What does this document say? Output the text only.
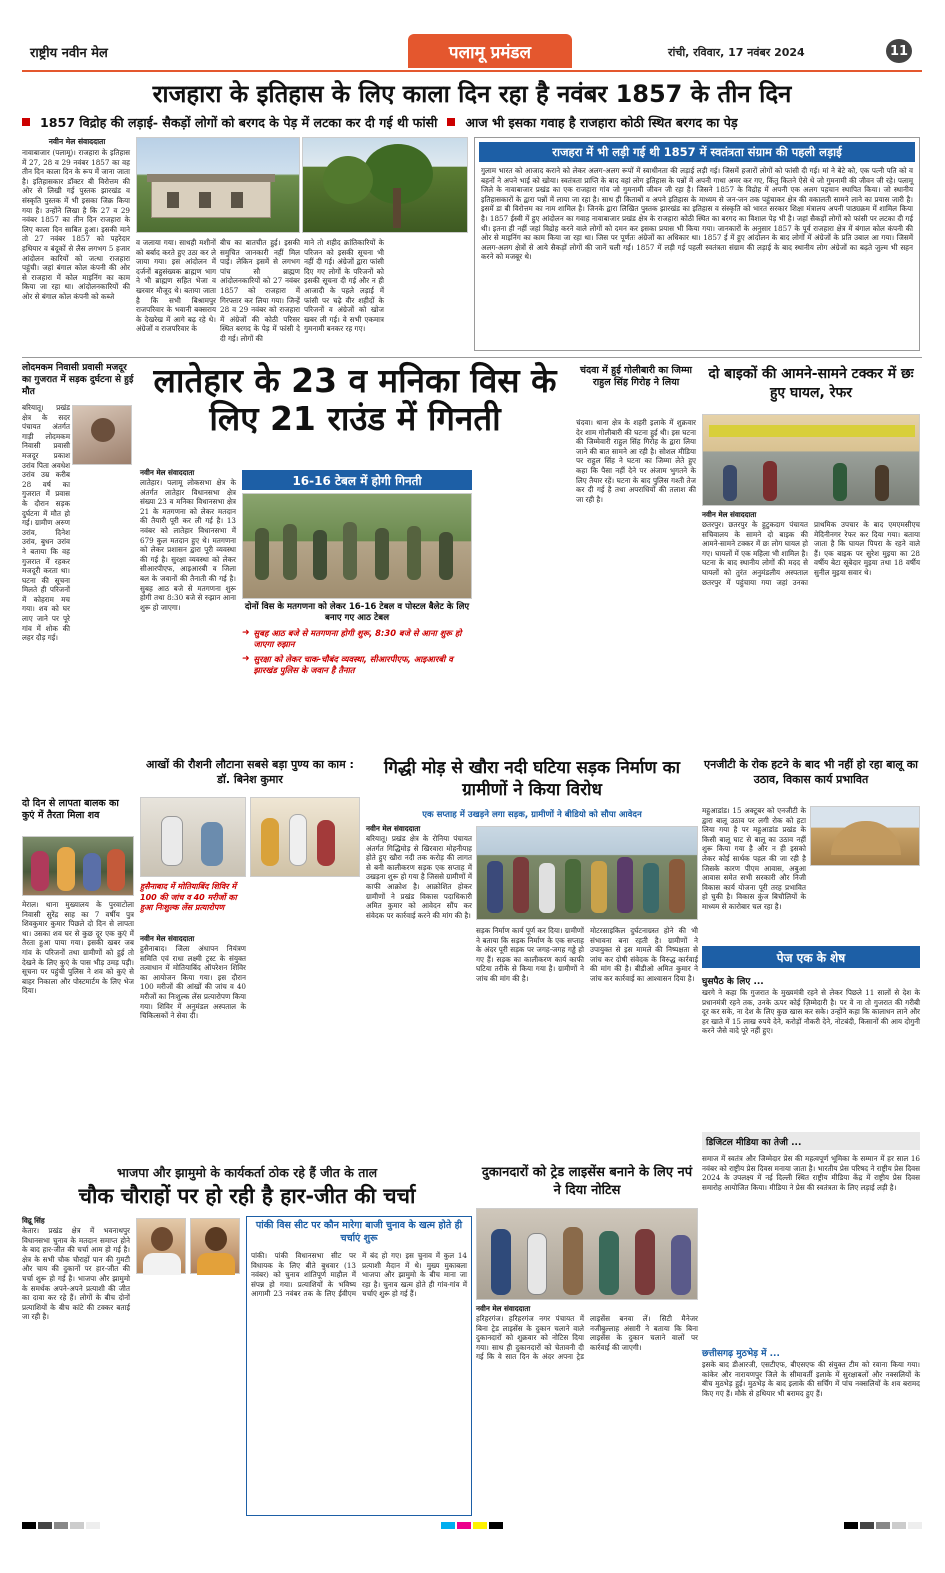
राष्ट्रीय नवीन मेल	पलामू प्रमंडल	रांची, रविवार, 17 नवंबर 2024	11
राजहारा के इतिहास के लिए काला दिन रहा है नवंबर 1857 के तीन दिन
1857 विद्रोह की लड़ाई- सैकड़ों लोगों को बरगद के पेड़ में लटका कर दी गई थी फांसी आज भी इसका गवाह है राजहारा कोठी स्थित बरगद का पेड़
नवीन मेल संवाददाता
नावाबाजार (पलामू)। राजहारा के इतिहास में 27, 28 व 29 नवंबर 1857 का वह तीन दिन काला दिन के रूप में जाना जाता है। इतिहासकार डॉक्टर बी विरोत्तम की ओर से लिखी गई पुस्तक झारखंड व संस्कृति पुस्तक में भी इसका जिक्र किया गया है। उन्होंने लिखा है कि 27 व 29 नवंबर 1857 का तीन दिन राजहारा के लिए काला दिन साबित हुआ। इसकी माने तो 27 नवंबर 1857 को पहरेदार हथियार व बंदूकों से लैस लगभग 5 हजार आंदोलन कारियों को जत्था राजहारा पहुंची। जहां बंगाल कोल कंपनी की ओर से राजहारा में कोल माइनिंग का काम किया जा रहा था। आंदोलनकारियों की ओर से बंगाल कोल कंपनी को कब्जे
व जलाया गया। साथही मशीनों को बर्बाद करते हुए उठा कर ले जाया गया। इस आंदोलन में दर्जनों बहुसंख्यक ब्राह्मण भाग ने भी ब्राह्मण सहित भेजा व खरवार मौजूद थे। बताया जाता है कि सभी बिश्रामपुर राजपरिवार के भवानी बक्सराय के देखरेख में आगे बढ़ रहे थे। अंग्रेजों व राजपरिवार के
बीच का बातचीत हुई। इसकी समुचित जानकारी नहीं मिल पाई। लेकिन इसमें से लगभग पांच सौ ब्राह्मण आंदोलनकारियों को 27 नवंबर 1857 को राजहारा में गिरफ्तार कर लिया गया। जिन्हें 28 व 29 नवंबर को राजहारा में अंग्रेजों की कोठी परिसर स्थित बरगद के पेड़ में फांसी दे दी गई। लोगों की
माने तो शहीद क्रांतिकारियों के परिजन को इसकी सूचना भी नहीं दी गई। अंग्रेजों द्वारा फांसी दिए गए लोगों के परिजनों को इसकी सूचना दी गई और न ही आजादी के पहले लड़ाई में फांसी पर चढ़े वीर शहीदों के परिजनों व अंग्रेजों को खोज खबर ली गई। वे सभी एकमात्र गुमनामी बनकर रह गए।
राजहरा में भी लड़ी गई थी 1857 में स्वतंत्रता संग्राम की पहली लड़ाई
गुलाम भारत को आजाद कराने को लेकर अलग-अलग रूपों में स्वाधीनता की लड़ाई लड़ी गई। जिसमें हजारों लोगों को फांसी दी गई। मां ने बेटे को, एक पत्नी पति को व बहनों ने अपने भाई को खोया। स्वतंत्रता प्राप्ति के बाद वहां लोग इतिहास के पन्नों में अपनी गाथा अमर कर गए, किंतु कितने ऐसे थे जो गुमनामी की जीवन जी रहे। पलामू जिले के नावाबाजार प्रखंड का एक राजहारा गांव जो गुमनामी जीवन जी रहा है। जिसने 1857 के विद्रोह में अपनी एक अलग पहचान स्थापित किया। जो स्थानीय इतिहासकारों के द्वारा पन्नों में लाया जा रहा है। साथ ही किताबों व अपने इतिहास के माध्यम से जन-जन तक पहुंचाकर क्षेत्र की वकालती सामने लाने का प्रयास जारी है। इसमें डा बी विरोत्तम का नाम शामिल है। जिनके द्वारा लिखित पुस्तक झारखंड का इतिहास व संस्कृति को भारत सरकार शिक्षा मंत्रालय अपनी पाठ्यक्रम में शामिल किया है। 1857 ईस्वी में हुए आंदोलन का गवाह नावाबाजार प्रखंड क्षेत्र के राजहारा कोठी स्थित का बरगद का विशाल पेड़ भी है। जहां सैकड़ों लोगों को फांसी पर लटका दी गई थी। इतना ही नहीं जहां विद्रोह करने वाले लोगों को दमन कर इसका प्रयास भी किया गया। जानकारों के अनुसार 1857 के पूर्व राजहारा क्षेत्र में बंगाल कोल कंपनी की ओर से माइनिंग का काम किया जा रहा था। जिस पर पूर्णतः अंग्रेजों का अधिकार था। 1857 ई में हुए आंदोलन के बाद लोगों में अंग्रेजों के प्रति उबाल आ गया। जिसमें अलग-अलग क्षेत्रों से आये सैकड़ों लोगों की जानें चली गई। 1857 में लड़ी गई पहली स्वतंत्रता संग्राम की लड़ाई के बाद स्थानीय लोग अंग्रेजों का बढ़ते जुल्म भी सहन करने को मजबूर थे।
लोदमकम निवासी प्रवासी मजदूर का गुजरात में सड़क दुर्घटना से हुई मौत
बरियातू। प्रखंड क्षेत्र के सदर पंचायत अंतर्गत गाड़ी लोदमकम निवासी प्रवासी मजदूर प्रकाश उरांव पिता अवधेश उरांव उम्र करीब 28 वर्ष का गुजरात में प्रवास के दौरान सड़क दुर्घटना में मौत हो गई। ग्रामीण अरुण उरांव, दिनेश उरांव, बुधन उरांव ने बताया कि वह गुजरात में रहकर मजदूरी करता था। घटना की सूचना मिलते ही परिजनों में कोहराम मच गया। शव को घर लाए जाने पर पूरे गांव में शोक की लहर दौड़ गई।
दो दिन से लापता बालक का कुएं में तैरता मिला शव
मेराल। थाना मुख्यालय के पुरवाटोला निवासी सुरेंद्र साह का 7 वर्षीय पुत्र शिवकुमार कुमार पिछले दो दिन से लापता था। उसका शव घर से कुछ दूर एक कुएं में तैरता हुआ पाया गया। इसकी खबर जब गांव के परिजनों तथा ग्रामीणों को हुई तो देखने के लिए कुएं के पास भीड़ उमड़ पड़ी। सूचना पर पहुंची पुलिस ने शव को कुएं से बाहर निकाला और पोस्टमार्टम के लिए भेज दिया।
लातेहार के 23 व मनिका विस के लिए 21 राउंड में गिनती
नवीन मेल संवाददाता
लातेहार। पलामू लोकसभा क्षेत्र के अंतर्गत लातेहार विधानसभा क्षेत्र संख्या 23 व मनिका विधानसभा क्षेत्र 21 के मतगणना को लेकर मतदान की तैयारी पूरी कर ली गई है। 13 नवंबर को लातेहार विधानसभा में 679 कुल मतदान हुए थे। मतगणना को लेकर प्रशासन द्वारा पूरी व्यवस्था की गई है। सुरक्षा व्यवस्था को लेकर सीआरपीएफ, आइआरबी व जिला बल के जवानों की तैनाती की गई है। सुबह आठ बजे से मतगणना शुरू होगी तथा 8:30 बजे से रुझान आना शुरू हो जाएगा।
16-16 टेबल में होगी गिनती
दोनों विस के मतगणना को लेकर 16-16 टेबल व पोस्टल बैलेट के लिए बनाए गए आठ टेबल
➜ सुबह आठ बजे से मतगणना होगी शुरू, 8:30 बजे से आना शुरू हो जाएगा रुझान
➜ सुरक्षा को लेकर चाक-चौबंद व्यवस्था, सीआरपीएफ, आइआरबी व झारखंड पुलिस के जवान है तैनात
चंदवा में हुई गोलीबारी का जिम्मा राहुल सिंह गिरोह ने लिया
चंदवा। थाना क्षेत्र के शहरी इलाके में शुक्रवार देर शाम गोलीबारी की घटना हुई थी। इस घटना की जिम्मेवारी राहुल सिंह गिरोह के द्वारा लिया जाने की बात सामने आ रही है। सोशल मीडिया पर राहुल सिंह ने घटना का जिम्मा लेते हुए कहा कि पैसा नहीं देने पर अंजाम भुगतने के लिए तैयार रहें। घटना के बाद पुलिस गश्ती तेज कर दी गई है तथा अपराधियों की तलाश की जा रही है।
दो बाइकों की आमने-सामने टक्कर में छः हुए घायल, रेफर
नवीन मेल संवाददाता
छतरपुर। छतरपुर के हुटुकदाग पंचायत सचिवालय के सामने दो बाइक की आमने-सामने टक्कर में छः लोग घायल हो गए। घायलों में एक महिला भी शामिल है। घटना के बाद स्थानीय लोगों की मदद से घायलों को तुरंत अनुमंडलीय अस्पताल छतरपुर में पहुंचाया गया जहां उनका प्राथमिक उपचार के बाद एमएमसीएच मेदिनीनगर रेफर कर दिया गया। बताया जाता है कि घायल पिपरा के रहने वाले हैं। एक बाइक पर सुरेश मुइया का 28 वर्षीय बेटा सूबेदार मुइया तथा 18 वर्षीय सुनील मुइया सवार थे।
एनजीटी के रोक हटने के बाद भी नहीं हो रहा बालू का उठाव, विकास कार्य प्रभावित
महुआडांड। 15 अक्टूबर को एनजीटी के द्वारा बालू उठाव पर लगी रोक को हटा लिया गया है पर महुआडांड प्रखंड के किसी बालू घाट से बालू का उठाव नहीं शुरू किया गया है और न ही इसको लेकर कोई सार्थक पहल की जा रही है जिसके कारण पीएम आवास, अबुआ आवास समेत सभी सरकारी और निजी विकास कार्य योजना पूरी तरह प्रभावित हो चुकी है। विकास कुंज बिचौलियों के माध्यम से कारोबार चल रहा है।
आखों की रौशनी लौटाना सबसे बड़ा पुण्य का काम : डॉ. बिनेश कुमार
हुसैनाबाद में मोतियाबिंद शिविर में 100 की जांच व 40 मरीजों का हुआ निःशुल्क लेंस प्रत्यारोपण
नवीन मेल संवाददाता
हुसैनाबाद। जिला अंधापन नियंत्रण समिति एवं राधा लक्ष्मी ट्रस्ट के संयुक्त तत्वाधान में मोतियाबिंद ऑपरेशन शिविर का आयोजन किया गया। इस दौरान 100 मरीजों की आंखों की जांच व 40 मरीजों का निःशुल्क लेंस प्रत्यारोपण किया गया। शिविर में अनुमंडल अस्पताल के चिकित्सकों ने सेवा दी।
गिद्धी मोड़ से खौरा नदी घटिया सड़क निर्माण का ग्रामीणों ने किया विरोध
एक सप्ताह में उखड़ने लगा सड़क, ग्रामीणों ने बीडियो को सौपा आवेदन
नवीन मेल संवाददाता
बरियातू। प्रखंड क्षेत्र के रोनिया पंचायत अंतर्गत गिद्धिमोड़ से खिरवारा मोहनीयाह होते हुए खौरा नदी तक करोड़ की लागत से बनी कालीकरण सड़क एक सप्ताह में उखड़ना शुरू हो गया है जिससे ग्रामीणों में काफी आक्रोश है। आक्रोशित होकर ग्रामीणों ने प्रखंड विकास पदाधिकारी अमित कुमार को आवेदन सौंप कर संवेदक पर कार्रवाई करने की मांग की है।
सड़क निर्माण कार्य पूर्ण कर दिया। ग्रामीणों ने बताया कि सड़क निर्माण के एक सप्ताह के अंदर पूरी सड़क पर जगह-जगह गड्ढे हो गए हैं। सड़क का कालीकरण कार्य काफी घटिया तरीके से किया गया है। ग्रामीणों ने जांच की मांग की है।
मोटरसाइकिल दुर्घटनाग्रस्त होने की भी संभावना बना रहती है। ग्रामीणों ने उपायुक्त से इस मामले की निष्पक्षता से जांच कर दोषी संवेदक के विरुद्ध कार्रवाई की मांग की है। बीडीओ अमित कुमार ने जांच कर कार्रवाई का आश्वासन दिया है।
पेज एक के शेष
घुसपैठ के लिए ...
खरगे ने कहा कि गुजरात के मुख्यमंत्री रहने से लेकर पिछले 11 सालों से देश के प्रधानमंत्री रहने तक, उनके ऊपर कोई ज़िम्मेदारी है। पर वे ना तो गुजरात की गरीबी दूर कर सके, ना देश के लिए कुछ खास कर सके। उन्होंने कहा कि कालाधन लाने और हर खाते में 15 लाख रुपये देने, करोड़ों नौकरी देने, नोटबंदी, किसानों की आय दोगुनी करने जैसे वादे पूरे नहीं हुए।
डिजिटल मीडिया का तेजी ...
समाज में स्वतंत्र और जिम्मेदार प्रेस की महत्वपूर्ण भूमिका के सम्मान में हर साल 16 नवंबर को राष्ट्रीय प्रेस दिवस मनाया जाता है। भारतीय प्रेस परिषद ने राष्ट्रीय प्रेस दिवस 2024 के उपलक्ष्य में नई दिल्ली स्थित राष्ट्रीय मीडिया केंद्र में राष्ट्रीय प्रेस दिवस समारोह आयोजित किया। मीडिया ने प्रेस की स्वतंत्रता के लिए लड़ाई लड़ी है।
छत्तीसगढ़ मुठभेड़ में ...
इसके बाद डीआरजी, एसटीएफ, बीएसएफ की संयुक्त टीम को रवाना किया गया। कांकेर और नारायणपुर जिले के सीमावर्ती इलाके में सुरक्षाबलों और नक्सलियों के बीच मुठभेड़ हुई। मुठभेड़ के बाद इलाके की सर्चिंग में पांच नक्सलियों के शव बरामद किए गए हैं। मौके से हथियार भी बरामद हुए हैं।
भाजपा और झामुमो के कार्यकर्ता ठोक रहे हैं जीत के ताल
चौक चौराहों पर हो रही है हार-जीत की चर्चा
विद्रू सिंह
केतार। प्रखंड क्षेत्र में भवनाथपुर विधानसभा चुनाव के मतदान समाप्त होने के बाद हार-जीत की चर्चा आम हो गई है। क्षेत्र के सभी चौक चौराहों पान की गुमटी और चाय की दुकानों पर हार-जीत की चर्चा शुरू हो गई है। भाजपा और झामुमो के समर्थक अपने-अपने प्रत्याशी की जीत का दावा कर रहे हैं। लोगों के बीच दोनों प्रत्याशियों के बीच कांटे की टक्कर बताई जा रही है।
पांकी विस सीट पर कौन मारेगा बाजी चुनाव के खत्म होते ही चर्चाएं शुरू
पांकी। पांकी विधानसभा सीट पर विधायक के लिए बीते बुधवार (13 नवंबर) को चुनाव शांतिपूर्ण माहौल में संपन्न हो गया। प्रत्याशियों के भविष्य आगामी 23 नवंबर तक के लिए ईवीएम में बंद हो गए। इस चुनाव में कुल 14 प्रत्याशी मैदान में थे। मुख्य मुकाबला भाजपा और झामुमो के बीच माना जा रहा है। चुनाव खत्म होते ही गांव-गांव में चर्चाएं शुरू हो गई हैं।
दुकानदारों को ट्रेड लाइसेंस बनाने के लिए नपं ने दिया नोटिस
नवीन मेल संवाददाता
हरिहरगंज। हरिहरगंज नगर पंचायत में बिना ट्रेड लाइसेंस के दुकान चलाने वाले दुकानदारों को शुक्रवार को नोटिस दिया गया। साथ ही दुकानदारों को चेतावनी दी गई कि वे सात दिन के अंदर अपना ट्रेड लाइसेंस बनवा लें। सिटी मैनेजर नजीबुल्लाह अंसारी ने बताया कि बिना लाइसेंस के दुकान चलाने वालों पर कार्रवाई की जाएगी।
